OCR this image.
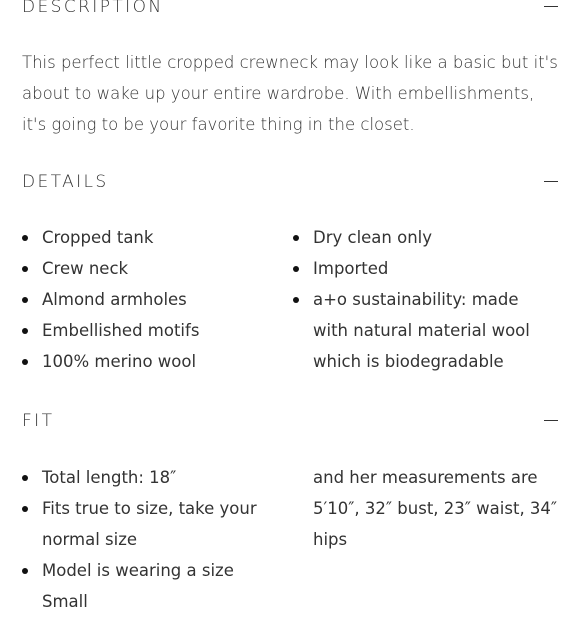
DESCRIPTION

This perfect little cropped crewneck may look like a basic but it's about to wake up your entire wardrobe. With embellishments, it's going to be your favorite thing in the closet.

DETAILS
Cropped tank
Crew neck
Almond armholes
Embellished motifs
100% merino wool
Dry clean only
Imported
a+o sustainability: made with natural material wool which is biodegradable
FIT
Total length: 18″
Fits true to size, take your normal size
Model is wearing a size Small
and her measurements are 5′10″, 32″ bust, 23″ waist, 34″ hips
